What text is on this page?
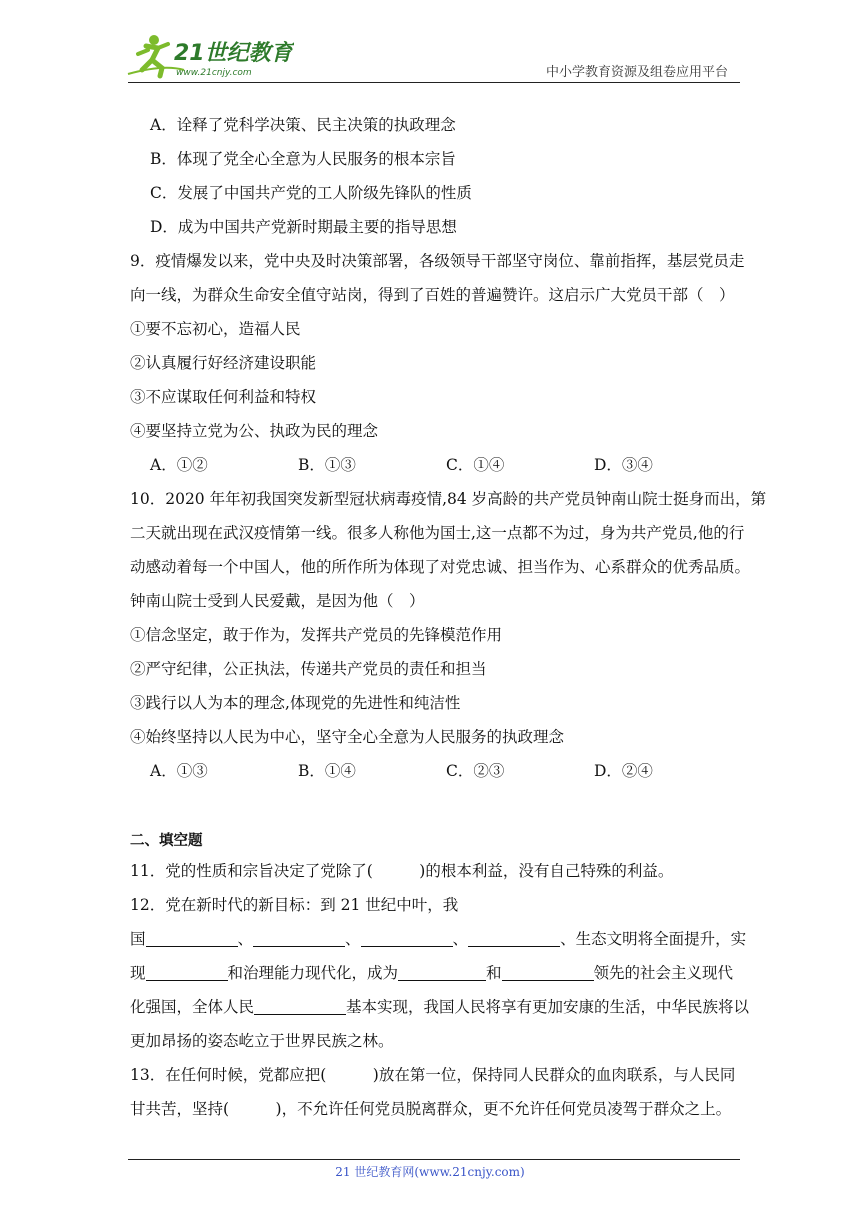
21世纪教育
www.21cnjy.com	中小学教育资源及组卷应用平台
A．诠释了党科学决策、民主决策的执政理念
B．体现了党全心全意为人民服务的根本宗旨
C．发展了中国共产党的工人阶级先锋队的性质
D．成为中国共产党新时期最主要的指导思想
9．疫情爆发以来，党中央及时决策部署，各级领导干部坚守岗位、靠前指挥，基层党员走
向一线，为群众生命安全值守站岗，得到了百姓的普遍赞许。这启示广大党员干部（　）
①要不忘初心，造福人民
②认真履行好经济建设职能
③不应谋取任何利益和特权
④要坚持立党为公、执政为民的理念
A．①②	B．①③	C．①④	D．③④
10．2020 年年初我国突发新型冠状病毒疫情,84 岁高龄的共产党员钟南山院士挺身而出，第
二天就出现在武汉疫情第一线。很多人称他为国士,这一点都不为过，身为共产党员,他的行
动感动着每一个中国人，他的所作所为体现了对党忠诚、担当作为、心系群众的优秀品质。
钟南山院士受到人民爱戴，是因为他（　）
①信念坚定，敢于作为，发挥共产党员的先锋模范作用
②严守纪律，公正执法，传递共产党员的责任和担当
③践行以人为本的理念,体现党的先进性和纯洁性
④始终坚持以人民为中心，坚守全心全意为人民服务的执政理念
A．①③	B．①④	C．②③	D．②④
二、填空题
11．党的性质和宗旨决定了党除了(　　　)的根本利益，没有自己特殊的利益。
12．党在新时代的新目标：到 21 世纪中叶，我
国	、	、	、	、生态文明将全面提升，实
现	和治理能力现代化，成为	和	领先的社会主义现代
化强国，全体人民	基本实现，我国人民将享有更加安康的生活，中华民族将以
更加昂扬的姿态屹立于世界民族之林。
13．在任何时候，党都应把(　　　)放在第一位，保持同人民群众的血肉联系，与人民同
甘共苦，坚持(　　　)，不允许任何党员脱离群众，更不允许任何党员凌驾于群众之上。
21 世纪教育网(www.21cnjy.com)
